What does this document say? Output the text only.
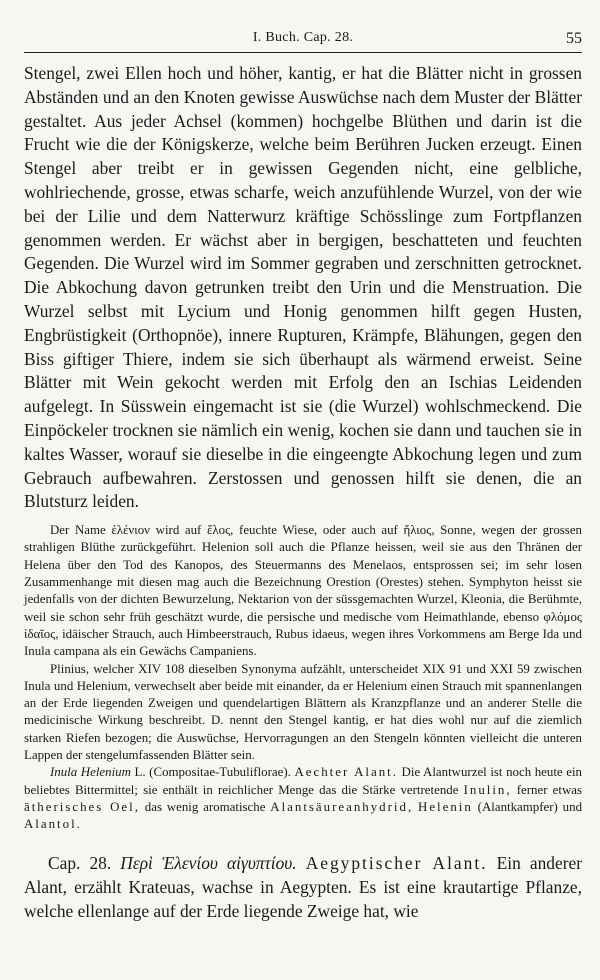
I. Buch. Cap. 28.	55

Stengel, zwei Ellen hoch und höher, kantig, er hat die Blätter nicht in grossen Abständen und an den Knoten gewisse Auswüchse nach dem Muster der Blätter gestaltet. Aus jeder Achsel (kommen) hochgelbe Blüthen und darin ist die Frucht wie die der Königskerze, welche beim Berühren Jucken erzeugt. Einen Stengel aber treibt er in gewissen Gegenden nicht, eine gelbliche, wohlriechende, grosse, etwas scharfe, weich anzufühlende Wurzel, von der wie bei der Lilie und dem Natterwurz kräftige Schösslinge zum Fortpflanzen genommen werden. Er wächst aber in bergigen, beschatteten und feuchten Gegenden. Die Wurzel wird im Sommer gegraben und zerschnitten getrocknet. Die Abkochung davon getrunken treibt den Urin und die Menstruation. Die Wurzel selbst mit Lycium und Honig genommen hilft gegen Husten, Engbrüstigkeit (Orthopnöe), innere Rupturen, Krämpfe, Blähungen, gegen den Biss giftiger Thiere, indem sie sich überhaupt als wärmend erweist. Seine Blätter mit Wein gekocht werden mit Erfolg den an Ischias Leidenden aufgelegt. In Süsswein eingemacht ist sie (die Wurzel) wohlschmeckend. Die Einpöckeler trocknen sie nämlich ein wenig, kochen sie dann und tauchen sie in kaltes Wasser, worauf sie dieselbe in die eingeengte Abkochung legen und zum Gebrauch aufbewahren. Zerstossen und genossen hilft sie denen, die an Blutsturz leiden.

Der Name ἑλένιον wird auf ἕλος, feuchte Wiese, oder auch auf ἥλιος, Sonne, wegen der grossen strahligen Blüthe zurückgeführt. Helenion soll auch die Pflanze heissen, weil sie aus den Thränen der Helena über den Tod des Kanopos, des Steuermanns des Menelaos, entsprossen sei; im sehr losen Zusammenhange mit diesen mag auch die Bezeichnung Orestion (Orestes) stehen. Symphyton heisst sie jedenfalls von der dichten Bewurzelung, Nektarion von der süssgemachten Wurzel, Kleonia, die Berühmte, weil sie schon sehr früh geschätzt wurde, die persische und medische vom Heimathlande, ebenso φλόμος ἰδαῖος, idäischer Strauch, auch Himbeerstrauch, Rubus idaeus, wegen ihres Vorkommens am Berge Ida und Inula campana als ein Gewächs Campaniens.

Plinius, welcher XIV 108 dieselben Synonyma aufzählt, unterscheidet XIX 91 und XXI 59 zwischen Inula und Helenium, verwechselt aber beide mit einander, da er Helenium einen Strauch mit spannenlangen an der Erde liegenden Zweigen und quendelartigen Blättern als Kranzpflanze und an anderer Stelle die medicinische Wirkung beschreibt. D. nennt den Stengel kantig, er hat dies wohl nur auf die ziemlich starken Riefen bezogen; die Auswüchse, Hervorragungen an den Stengeln könnten vielleicht die unteren Lappen der stengelumfassenden Blätter sein.

Inula Helenium L. (Compositae-Tubuliflorae). Aechter Alant. Die Alantwurzel ist noch heute ein beliebtes Bittermittel; sie enthält in reichlicher Menge das die Stärke vertretende Inulin, ferner etwas ätherisches Oel, das wenig aromatische Alantsäureanhydrid, Helenin (Alantkampfer) und Alantol.

Cap. 28. Περὶ Ἑλενίου αἰγυπτίου. Aegyptischer Alant. Ein anderer Alant, erzählt Krateuas, wachse in Aegypten. Es ist eine krautartige Pflanze, welche ellenlange auf der Erde liegende Zweige hat, wie
